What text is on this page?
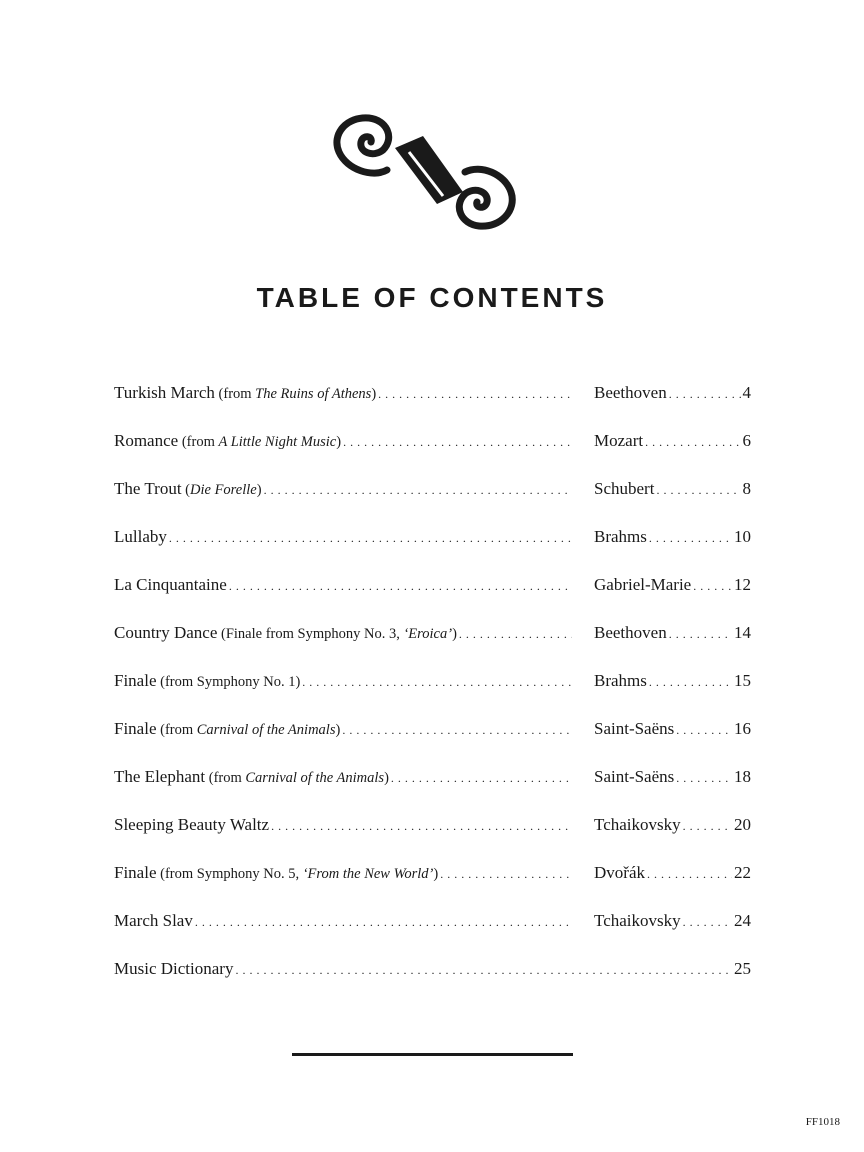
TABLE OF CONTENTS
Turkish March (from The Ruins of Athens) . . .	Beethoven . . .	4
Romance (from A Little Night Music) . . .	Mozart . . .	6
The Trout (Die Forelle) . . .	Schubert . . .	8
Lullaby . . .	Brahms . . .	10
La Cinquantaine . . .	Gabriel-Marie . . .	12
Country Dance (Finale from Symphony No. 3, ‘Eroica’) . . .	Beethoven . . .	14
Finale (from Symphony No. 1) . . .	Brahms . . .	15
Finale (from Carnival of the Animals) . . .	Saint-Saëns . . .	16
The Elephant (from Carnival of the Animals) . . .	Saint-Saëns . . .	18
Sleeping Beauty Waltz . . .	Tchaikovsky . . .	20
Finale (from Symphony No. 5, ‘From the New World’) . . .	Dvořák . . .	22
March Slav . . .	Tchaikovsky . . .	24
Music Dictionary . . .	25
FF1018
